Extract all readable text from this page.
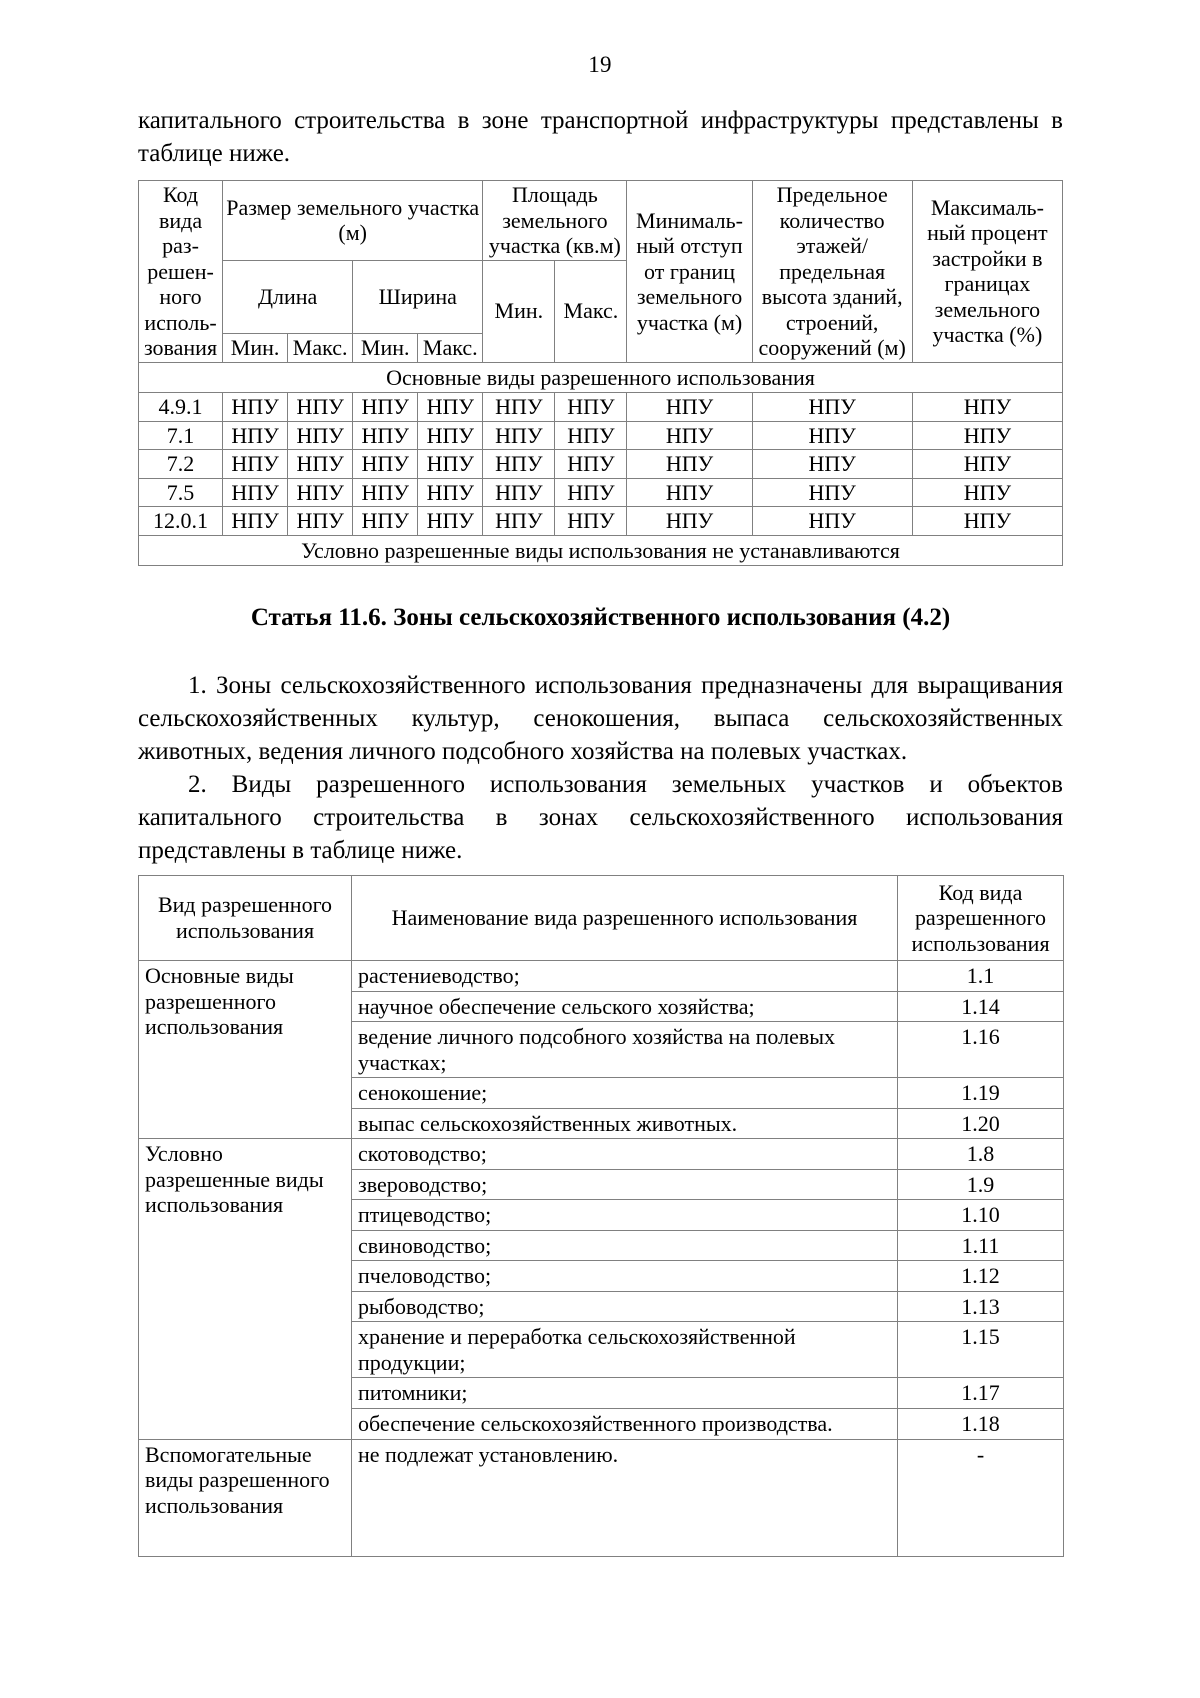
19

капитального строительства в зоне транспортной инфраструктуры представлены в таблице ниже.

Код вида раз-решен-ного исполь-зования	Размер земельного участка (м)				Площадь земельного участка (кв.м)		Минималь-ный отступ от границ земельного участка (м)	Предельное количество этажей/ предельная высота зданий, строений, сооружений (м)	Максималь-ный процент застройки в границах земельного участка (%)
	Длина		Ширина		Мин.	Макс.			
	Мин.	Макс.	Мин.	Макс.					
Основные виды разрешенного использования									
4.9.1	НПУ	НПУ	НПУ	НПУ	НПУ	НПУ	НПУ	НПУ	НПУ
7.1	НПУ	НПУ	НПУ	НПУ	НПУ	НПУ	НПУ	НПУ	НПУ
7.2	НПУ	НПУ	НПУ	НПУ	НПУ	НПУ	НПУ	НПУ	НПУ
7.5	НПУ	НПУ	НПУ	НПУ	НПУ	НПУ	НПУ	НПУ	НПУ
12.0.1	НПУ	НПУ	НПУ	НПУ	НПУ	НПУ	НПУ	НПУ	НПУ
Условно разрешенные виды использования не устанавливаются									
Статья 11.6. Зоны сельскохозяйственного использования (4.2)

1. Зоны сельскохозяйственного использования предназначены для выращивания сельскохозяйственных культур, сенокошения, выпаса сельскохозяйственных животных, ведения личного подсобного хозяйства на полевых участках.

2. Виды разрешенного использования земельных участков и объектов капитального строительства в зонах сельскохозяйственного использования представлены в таблице ниже.

Вид разрешенного использования	Наименование вида разрешенного использования	Код вида разрешенного использования
Основные виды разрешенного использования	растениеводство;	1.1
	научное обеспечение сельского хозяйства;	1.14
	ведение личного подсобного хозяйства на полевых участках;	1.16
	сенокошение;	1.19
	выпас сельскохозяйственных животных.	1.20
Условно разрешенные виды использования	скотоводство;	1.8
	звероводство;	1.9
	птицеводство;	1.10
	свиноводство;	1.11
	пчеловодство;	1.12
	рыбоводство;	1.13
	хранение и переработка сельскохозяйственной продукции;	1.15
	питомники;	1.17
	обеспечение сельскохозяйственного производства.	1.18
Вспомогательные виды разрешенного использования	не подлежат установлению.	-
